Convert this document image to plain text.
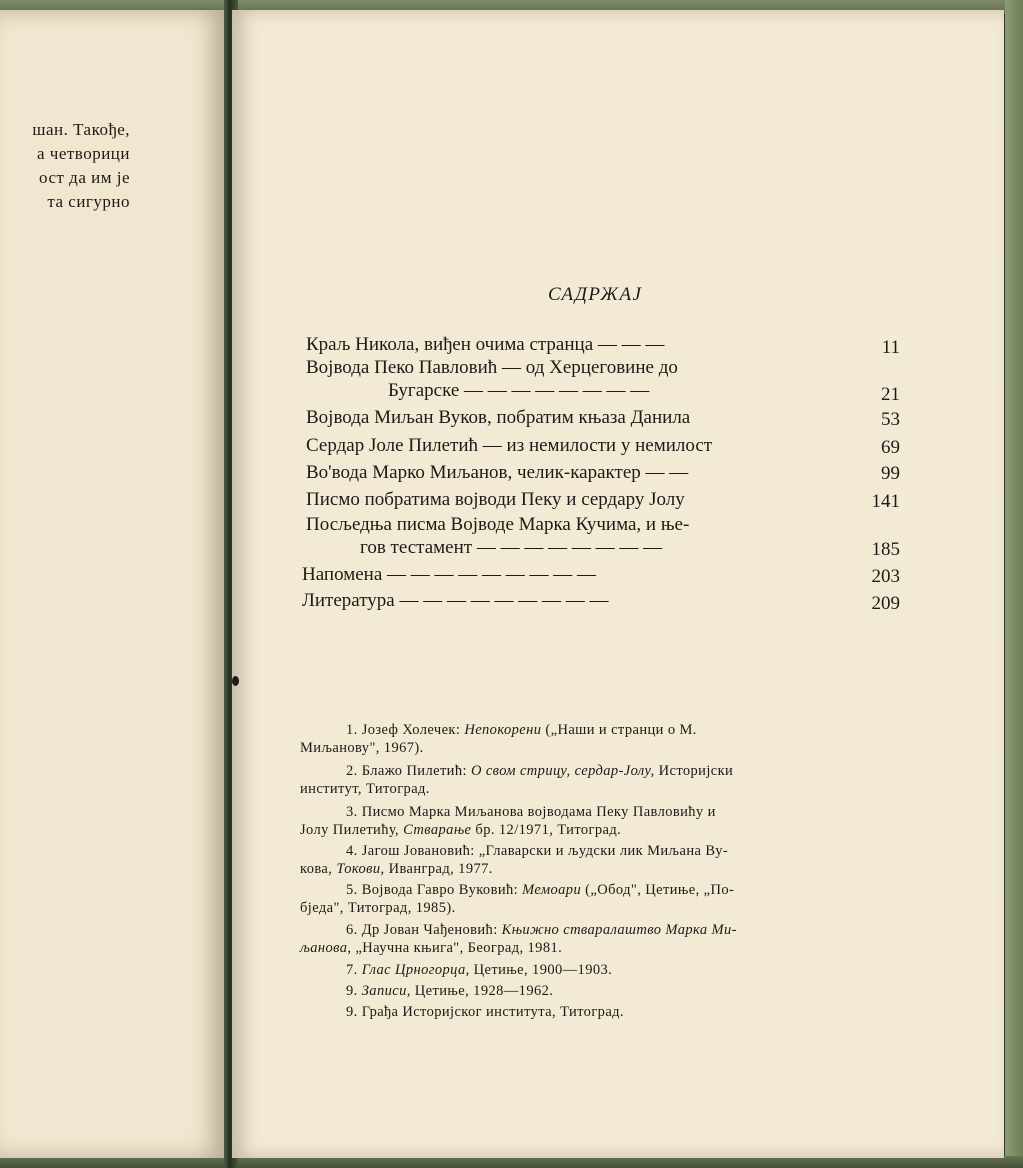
шан. Такође,
а четворици
ост да им је
та сигурно

САДРЖАЈ
Краљ Никола, виђен очима странца — — —	11
Војвода Пеко Павловић — од Херцеговине до
Бугарске — — — — — — — —	21
Војвода Миљан Вуков, побратим књаза Данила	53
Сердар Јоле Пилетић — из немилости у немилост	69
Во'вода Марко Миљанов, челик-карактер — —	99
Писмо побратима војводи Пеку и сердару Јолу	141
Посљедња писма Војводе Марка Кучима, и ње-
гов тестамент — — — — — — — —	185
Напомена — — — — — — — — —	203
Литература — — — — — — — — —	209
1. Јозеф Холечек: Непокорени („Наши и странци о М.
Миљанову", 1967).
2. Блажо Пилетић: О свом стрицу, сердар-Јолу, Историјски
институт, Титоград.
3. Писмо Марка Миљанова војводама Пеку Павловићу и
Јолу Пилетићу, Стварање бр. 12/1971, Титоград.
4. Јагош Јовановић: „Главарски и људски лик Миљана Ву-
кова, Токови, Иванград, 1977.
5. Војвода Гавро Вуковић: Мемоари („Обод", Цетиње, „По-
бједа", Титоград, 1985).
6. Др Јован Чађеновић: Књижно стваралаштво Марка Ми-
љанова, „Научна књига", Београд, 1981.
7. Глас Црногорца, Цетиње, 1900—1903.
9. Записи, Цетиње, 1928—1962.
9. Грађа Историјског института, Титоград.
